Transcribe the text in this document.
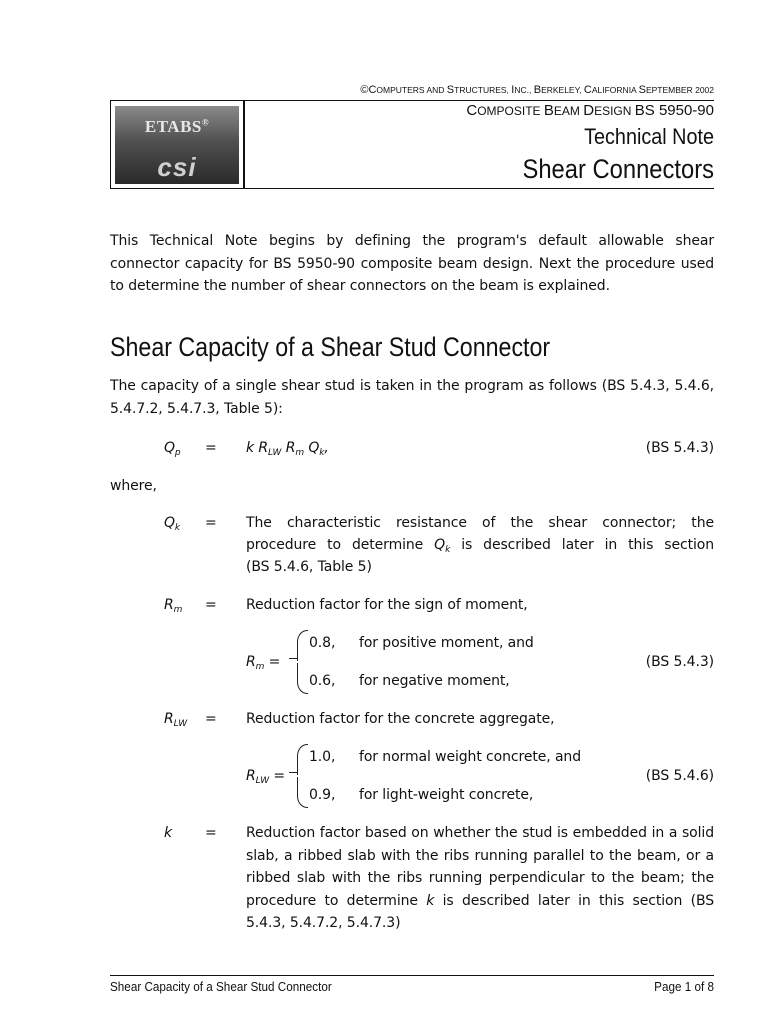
©COMPUTERS AND STRUCTURES, INC., BERKELEY, CALIFORNIA SEPTEMBER 2002
ETABS®
csi
COMPOSITE BEAM DESIGN BS 5950-90
Technical Note
Shear Connectors
This Technical Note begins by defining the program's default allowable shear connector capacity for BS 5950-90 composite beam design. Next the procedure used to determine the number of shear connectors on the beam is explained.
Shear Capacity of a Shear Stud Connector
The capacity of a single shear stud is taken in the program as follows (BS 5.4.3, 5.4.6, 5.4.7.2, 5.4.7.3, Table 5):
$Q_p = k$ $R_{LW}$ $R_m$ $Q_k$,	(BS 5.4.3)
where,
$Q_k$ = The characteristic resistance of the shear connector; the
procedure to determine $Q_k$ is described later in this section
(BS 5.4.6, Table 5)
$R_m$ = Reduction factor for the sign of moment,
$R_m$ =
0.8, for positive moment, and
0.6, for negative moment,
(BS 5.4.3)
$R_{LW}$ = Reduction factor for the concrete aggregate,
$R_{LW}$ =
1.0, for normal weight concrete, and
0.9, for light-weight concrete,
(BS 5.4.6)
k = Reduction factor based on whether the stud is embedded in a solid slab, a ribbed slab with the ribs running parallel to the beam, or a ribbed slab with the ribs running perpendicular to the beam; the procedure to determine k is described later in this section (BS 5.4.3, 5.4.7.2, 5.4.7.3)
Shear Capacity of a Shear Stud Connector	Page 1 of 8
